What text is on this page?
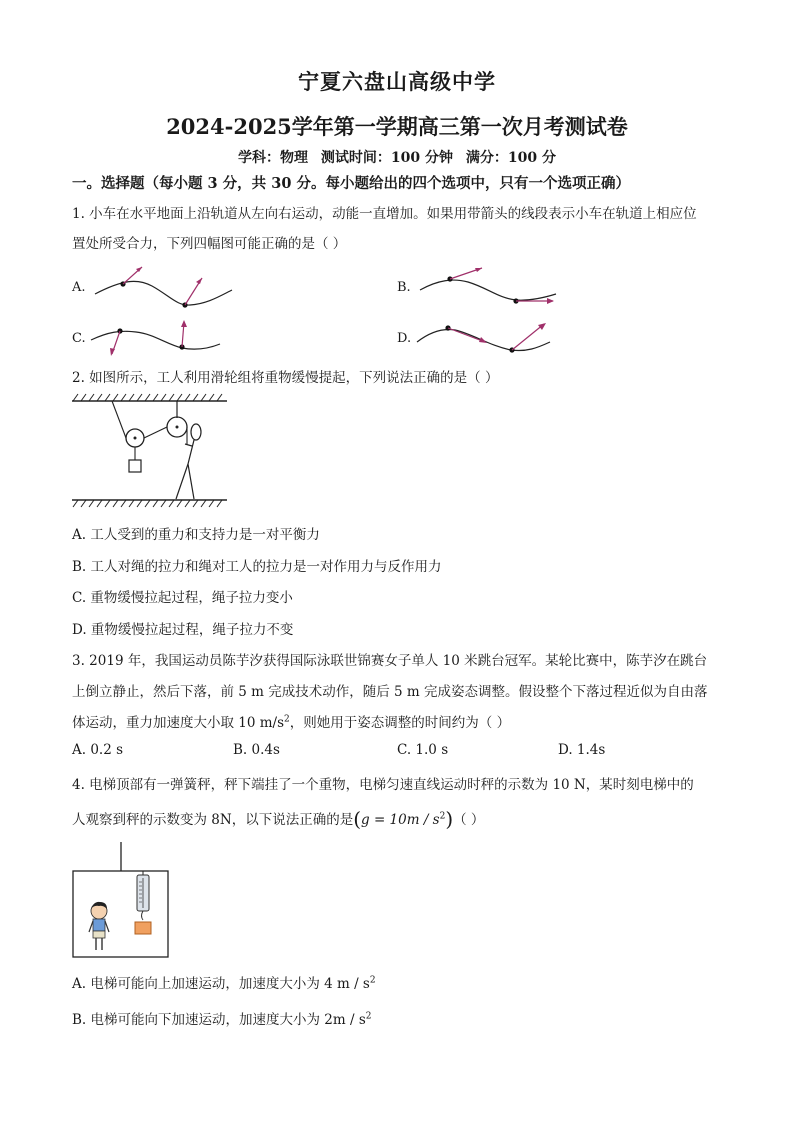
宁夏六盘山高级中学
2024-2025学年第一学期高三第一次月考测试卷
学科：物理 测试时间：100 分钟 满分：100 分
一。选择题（每小题 3 分，共 30 分。每小题给出的四个选项中，只有一个选项正确）
1. 小车在水平地面上沿轨道从左向右运动，动能一直增加。如果用带箭头的线段表示小车在轨道上相应位
置处所受合力，下列四幅图可能正确的是（ ）
A.	B.
C.	D.
2. 如图所示，工人利用滑轮组将重物缓慢提起，下列说法正确的是（ ）
A. 工人受到的重力和支持力是一对平衡力
B. 工人对绳的拉力和绳对工人的拉力是一对作用力与反作用力
C. 重物缓慢拉起过程，绳子拉力变小
D. 重物缓慢拉起过程，绳子拉力不变
3. 2019 年，我国运动员陈芋汐获得国际泳联世锦赛女子单人 10 米跳台冠军。某轮比赛中，陈芋汐在跳台
上倒立静止，然后下落，前 5 m 完成技术动作，随后 5 m 完成姿态调整。假设整个下落过程近似为自由落
体运动，重力加速度大小取 10 $m/s^2$，则她用于姿态调整的时间约为（ ）
A. 0.2 s	B. 0.4s	C. 1.0 s	D. 1.4s
4. 电梯顶部有一弹簧秤，秤下端挂了一个重物，电梯匀速直线运动时秤的示数为 10 N，某时刻电梯中的
人观察到秤的示数变为 8N，以下说法正确的是$(g = 10m / s^2)$（ ）
A. 电梯可能向上加速运动，加速度大小为 4 m / $s^2$
B. 电梯可能向下加速运动，加速度大小为 $2m / s^2$
